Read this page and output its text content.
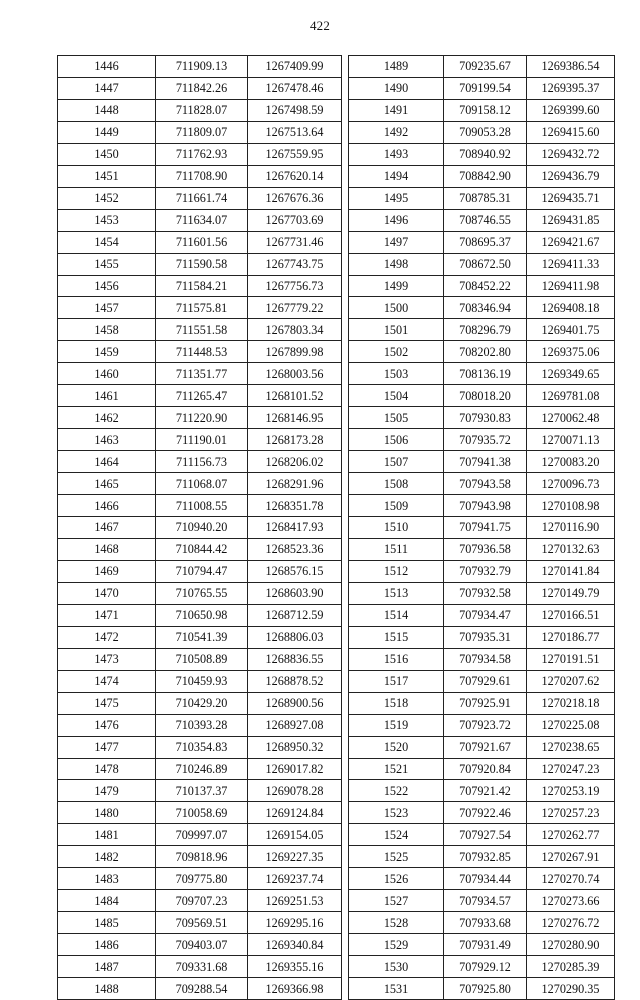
422
1446	711909.13	1267409.99
1447	711842.26	1267478.46
1448	711828.07	1267498.59
1449	711809.07	1267513.64
1450	711762.93	1267559.95
1451	711708.90	1267620.14
1452	711661.74	1267676.36
1453	711634.07	1267703.69
1454	711601.56	1267731.46
1455	711590.58	1267743.75
1456	711584.21	1267756.73
1457	711575.81	1267779.22
1458	711551.58	1267803.34
1459	711448.53	1267899.98
1460	711351.77	1268003.56
1461	711265.47	1268101.52
1462	711220.90	1268146.95
1463	711190.01	1268173.28
1464	711156.73	1268206.02
1465	711068.07	1268291.96
1466	711008.55	1268351.78
1467	710940.20	1268417.93
1468	710844.42	1268523.36
1469	710794.47	1268576.15
1470	710765.55	1268603.90
1471	710650.98	1268712.59
1472	710541.39	1268806.03
1473	710508.89	1268836.55
1474	710459.93	1268878.52
1475	710429.20	1268900.56
1476	710393.28	1268927.08
1477	710354.83	1268950.32
1478	710246.89	1269017.82
1479	710137.37	1269078.28
1480	710058.69	1269124.84
1481	709997.07	1269154.05
1482	709818.96	1269227.35
1483	709775.80	1269237.74
1484	709707.23	1269251.53
1485	709569.51	1269295.16
1486	709403.07	1269340.84
1487	709331.68	1269355.16
1488	709288.54	1269366.98
1489	709235.67	1269386.54
1490	709199.54	1269395.37
1491	709158.12	1269399.60
1492	709053.28	1269415.60
1493	708940.92	1269432.72
1494	708842.90	1269436.79
1495	708785.31	1269435.71
1496	708746.55	1269431.85
1497	708695.37	1269421.67
1498	708672.50	1269411.33
1499	708452.22	1269411.98
1500	708346.94	1269408.18
1501	708296.79	1269401.75
1502	708202.80	1269375.06
1503	708136.19	1269349.65
1504	708018.20	1269781.08
1505	707930.83	1270062.48
1506	707935.72	1270071.13
1507	707941.38	1270083.20
1508	707943.58	1270096.73
1509	707943.98	1270108.98
1510	707941.75	1270116.90
1511	707936.58	1270132.63
1512	707932.79	1270141.84
1513	707932.58	1270149.79
1514	707934.47	1270166.51
1515	707935.31	1270186.77
1516	707934.58	1270191.51
1517	707929.61	1270207.62
1518	707925.91	1270218.18
1519	707923.72	1270225.08
1520	707921.67	1270238.65
1521	707920.84	1270247.23
1522	707921.42	1270253.19
1523	707922.46	1270257.23
1524	707927.54	1270262.77
1525	707932.85	1270267.91
1526	707934.44	1270270.74
1527	707934.57	1270273.66
1528	707933.68	1270276.72
1529	707931.49	1270280.90
1530	707929.12	1270285.39
1531	707925.80	1270290.35
